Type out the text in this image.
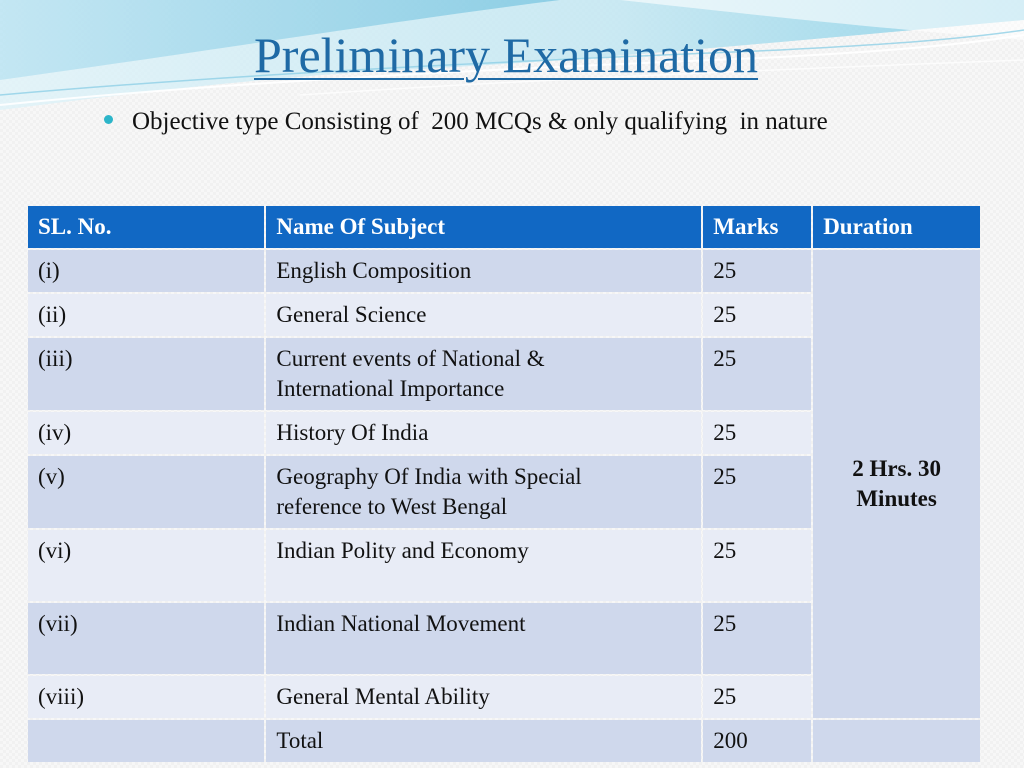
Preliminary Examination
Objective type Consisting of  200 MCQs & only qualifying  in nature
SL. No.	Name Of Subject	Marks	Duration
(i)	English Composition	25	2 Hrs. 30
Minutes

(ii)	General Science	25	
(iii)	Current events of National &
International Importance	25	
(iv)	History Of India	25	
(v)	Geography Of India with Special
reference to West Bengal	25	
(vi)	Indian Polity and Economy	25	
(vii)	Indian National Movement	25	
(viii)	General Mental Ability	25	
	Total	200	
